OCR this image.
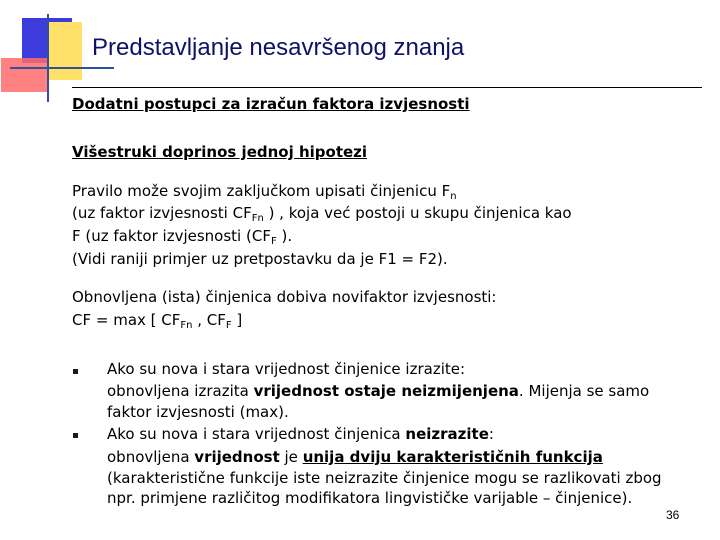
Predstavljanje nesavršenog znanja
Dodatni postupci za izračun faktora izvjesnosti
Višestruki doprinos jednoj hipotezi
Pravilo može svojim zaključkom upisati činjenicu $F_n$
(uz faktor izvjesnosti $CF_{Fn}$ ) , koja već postoji u skupu činjenica kao
F (uz faktor izvjesnosti ($CF_F$ ).
(Vidi raniji primjer uz pretpostavku da je F1 = F2).
Obnovljena (ista) činjenica dobiva novifaktor izvjesnosti:
CF = max [ $CF_{Fn}$ , $CF_F$ ]
Ako su nova i stara vrijednost činjenice izrazite:
obnovljena izrazita vrijednost ostaje neizmijenjena. Mijenja se samo
faktor izvjesnosti (max).
Ako su nova i stara vrijednost činjenica neizrazite:
obnovljena vrijednost je unija dviju karakterističnih funkcija
(karakteristične funkcije iste neizrazite činjenice mogu se razlikovati zbog
npr. primjene različitog modifikatora lingvističke varijable – činjenice).
36
